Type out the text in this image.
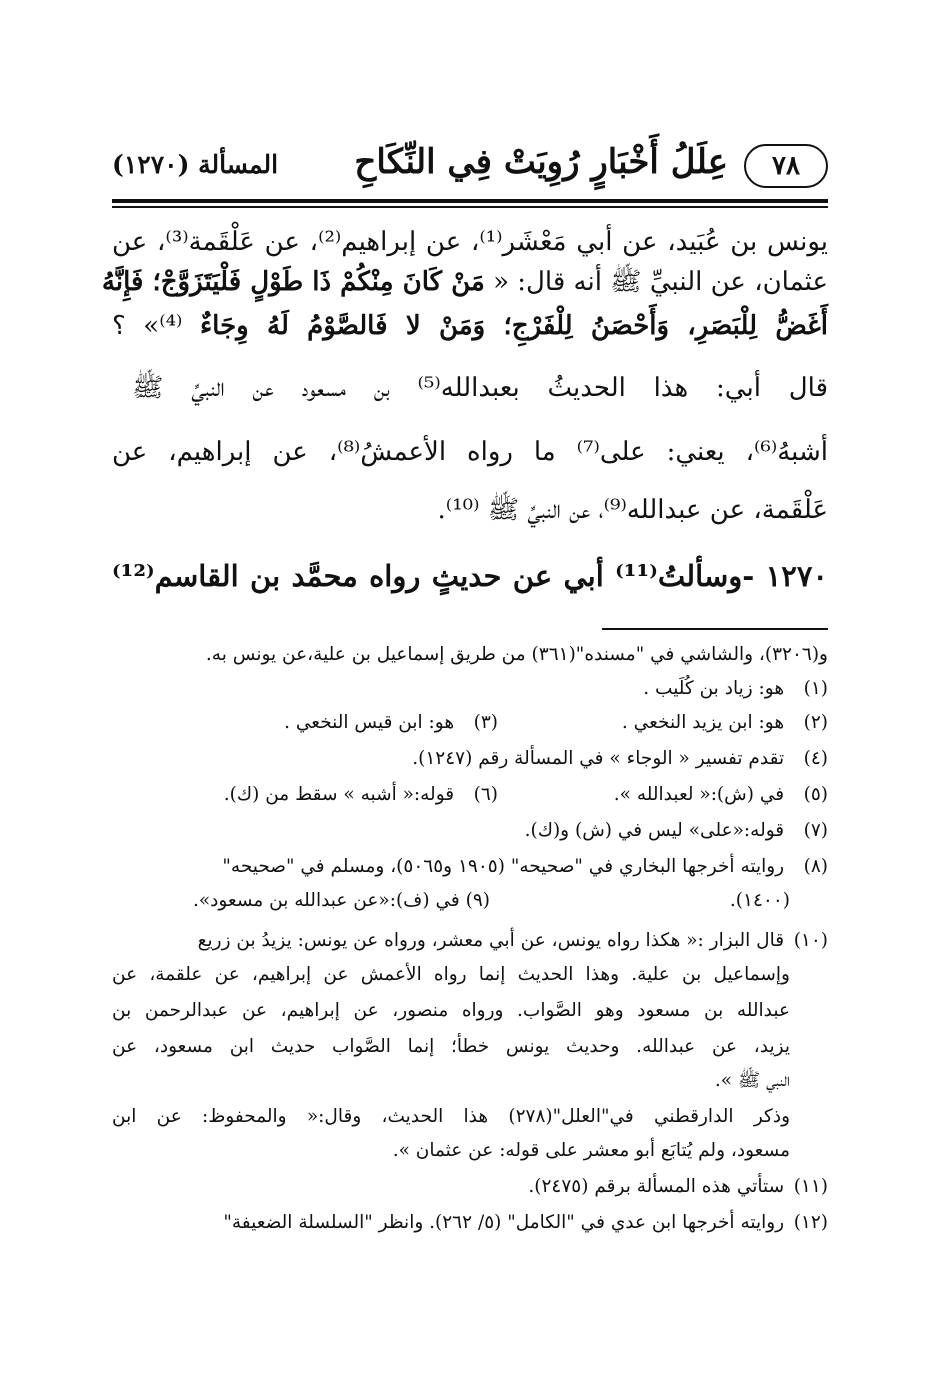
٧٨
عِلَلُ أَخْبَارٍ رُوِيَتْ فِي النِّكَاحِ
المسألة (١٢٧٠)
يونس بن عُبَيد، عن أبي مَعْشَر⁽¹⁾، عن إبراهيم⁽²⁾، عن عَلْقَمة⁽³⁾، عن
عثمان، عن النبيِّ ﷺ أنه قال: « مَنْ كَانَ مِنْكُمْ ذَا طَوْلٍ فَلْيَتَزَوَّجْ؛ فَإِنَّهُ
أَغَضُّ لِلْبَصَرِ، وَأَحْصَنُ لِلْفَرْجِ؛ وَمَنْ لا فَالصَّوْمُ لَهُ وِجَاءٌ ⁽⁴⁾» ؟
قال أبي: هذا الحديثُ بعبدالله⁽⁵⁾ بن مسعود عن النبيِّ ﷺ
أشبهُ⁽⁶⁾، يعني: على⁽⁷⁾ ما رواه الأعمشُ⁽⁸⁾، عن إبراهيم، عن
عَلْقَمة، عن عبدالله⁽⁹⁾، عن النبيِّ ﷺ ⁽¹⁰⁾.
١٢٧٠ -وسألتُ⁽¹¹⁾ أبي عن حديثٍ رواه محمَّد بن القاسم⁽¹²⁾
و(٣٢٠٦)، والشاشي في "مسنده"(٣٦١) من طريق إسماعيل بن علية،عن يونس به.
(١) هو: زياد بن كُلَيب .
(٢) هو: ابن يزيد النخعي .
(٣) هو: ابن قيس النخعي .
(٤) تقدم تفسير « الوجاء » في المسألة رقم (١٢٤٧).
(٥) في (ش):« لعبدالله ».
(٦) قوله:« أشبه » سقط من (ك).
(٧) قوله:«على» ليس في (ش) و(ك).
(٨) روايته أخرجها البخاري في "صحيحه" (١٩٠٥ و٥٠٦٥)، ومسلم في "صحيحه"
(١٤٠٠).
(٩) في (ف):«عن عبدالله بن مسعود».
(١٠) قال البزار :« هكذا رواه يونس، عن أبي معشر، ورواه عن يونس: يزيدُ بن زريع
وإسماعيل بن علية. وهذا الحديث إنما رواه الأعمش عن إبراهيم، عن علقمة، عن
عبدالله بن مسعود وهو الصَّواب. ورواه منصور، عن إبراهيم، عن عبدالرحمن بن
يزيد، عن عبدالله. وحديث يونس خطأ؛ إنما الصَّواب حديث ابن مسعود، عن
النبي ﷺ ».
وذكر الدارقطني في"العلل"(٢٧٨) هذا الحديث، وقال:« والمحفوظ: عن ابن
مسعود، ولم يُتابَع أبو معشر على قوله: عن عثمان ».
(١١) ستأتي هذه المسألة برقم (٢٤٧٥).
(١٢) روايته أخرجها ابن عدي في "الكامل" (٥/ ٢٦٢). وانظر "السلسلة الضعيفة"
